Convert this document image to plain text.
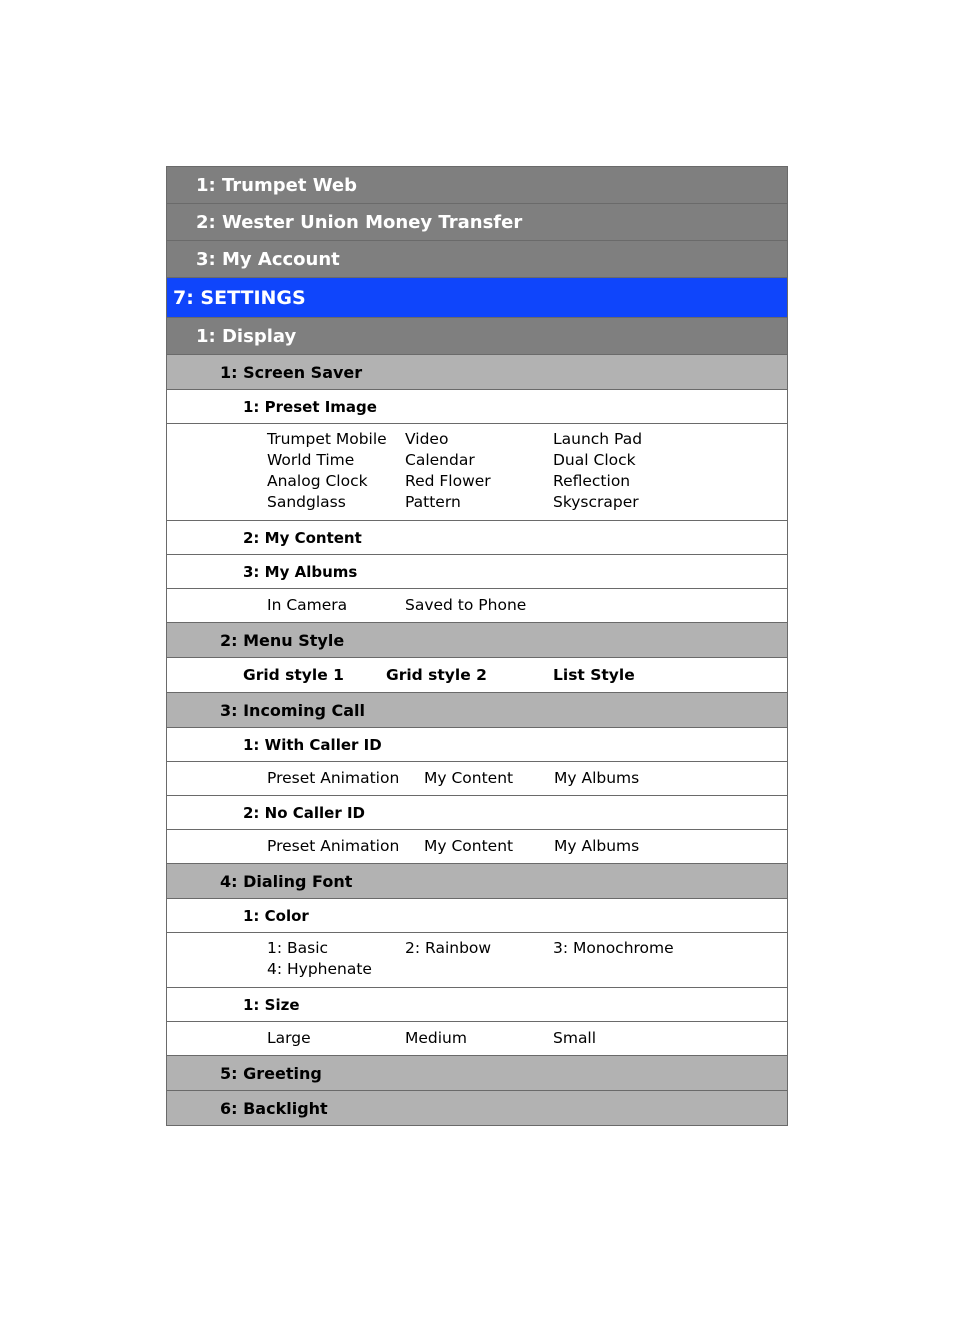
1: Trumpet Web
2: Wester Union Money Transfer
3: My Account
7: SETTINGS
1: Display
1: Screen Saver
1: Preset Image
Trumpet Mobile	Video	Launch Pad
World Time	Calendar	Dual Clock
Analog Clock	Red Flower	Reflection
Sandglass	Pattern	Skyscraper
2: My Content
3: My Albums
In Camera	Saved to Phone
2: Menu Style
Grid style 1	Grid style 2	List Style
3: Incoming Call
1: With Caller ID
Preset Animation	My Content	My Albums
2: No Caller ID
Preset Animation	My Content	My Albums
4: Dialing Font
1: Color
1: Basic	2: Rainbow	3: Monochrome
4: Hyphenate
1: Size
Large	Medium	Small
5: Greeting
6: Backlight
